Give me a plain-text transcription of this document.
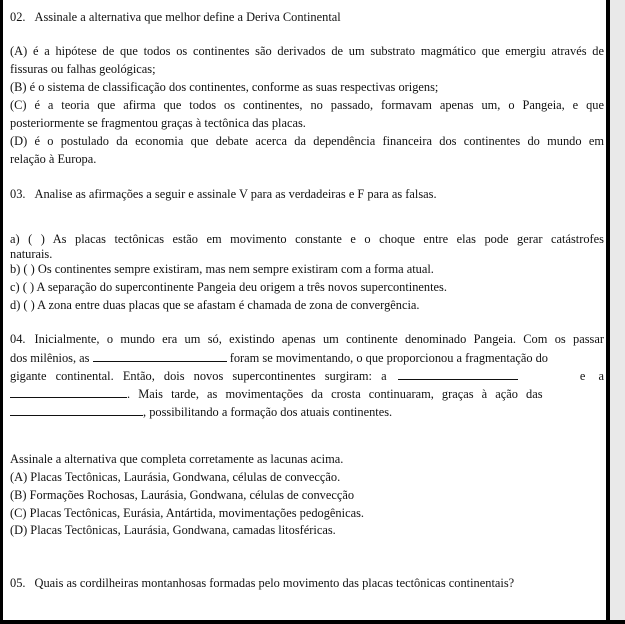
02. Assinale a alternativa que melhor define a Deriva Continental
(A) é a hipótese de que todos os continentes são derivados de um substrato magmático que emergiu através de
fissuras ou falhas geológicas;
(B) é o sistema de classificação dos continentes, conforme as suas respectivas origens;
(C) é a teoria que afirma que todos os continentes, no passado, formavam apenas um, o Pangeia, e que
posteriormente se fragmentou graças à tectônica das placas.
(D) é o postulado da economia que debate acerca da dependência financeira dos continentes do mundo em
relação à Europa.
03. Analise as afirmações a seguir e assinale V para as verdadeiras e F para as falsas.
a) ( ) As placas tectônicas estão em movimento constante e o choque entre elas pode gerar catástrofes
naturais.
b) ( ) Os continentes sempre existiram, mas nem sempre existiram com a forma atual.
c) ( ) A separação do supercontinente Pangeia deu origem a três novos supercontinentes.
d) ( ) A zona entre duas placas que se afastam é chamada de zona de convergência.
04. Inicialmente, o mundo era um só, existindo apenas um continente denominado Pangeia. Com os passar
dos milênios, as	foram se movimentando, o que proporcionou a fragmentação do
gigante continental. Então, dois novos supercontinentes surgiram: a	e a
. Mais tarde, as movimentações da crosta continuaram, graças à ação das
, possibilitando a formação dos atuais continentes.
Assinale a alternativa que completa corretamente as lacunas acima.
(A) Placas Tectônicas, Laurásia, Gondwana, células de convecção.
(B) Formações Rochosas, Laurásia, Gondwana, células de convecção
(C) Placas Tectônicas, Eurásia, Antártida, movimentações pedogênicas.
(D) Placas Tectônicas, Laurásia, Gondwana, camadas litosféricas.
05. Quais as cordilheiras montanhosas formadas pelo movimento das placas tectônicas continentais?
